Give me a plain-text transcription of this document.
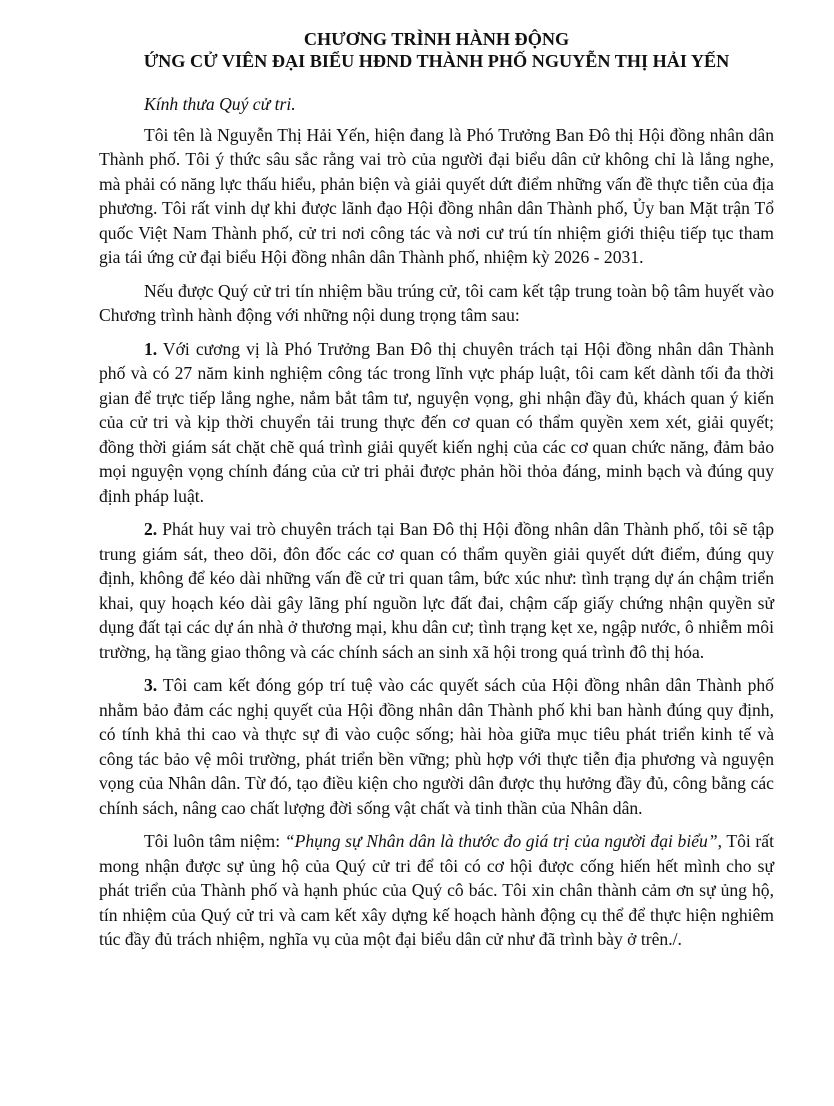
CHƯƠNG TRÌNH HÀNH ĐỘNG
ỨNG CỬ VIÊN ĐẠI BIỂU HĐND THÀNH PHỐ NGUYỄN THỊ HẢI YẾN

Kính thưa Quý cử tri.

Tôi tên là Nguyễn Thị Hải Yến, hiện đang là Phó Trưởng Ban Đô thị Hội đồng nhân dân Thành phố. Tôi ý thức sâu sắc rằng vai trò của người đại biểu dân cử không chỉ là lắng nghe, mà phải có năng lực thấu hiểu, phản biện và giải quyết dứt điểm những vấn đề thực tiễn của địa phương. Tôi rất vinh dự khi được lãnh đạo Hội đồng nhân dân Thành phố, Ủy ban Mặt trận Tổ quốc Việt Nam Thành phố, cử tri nơi công tác và nơi cư trú tín nhiệm giới thiệu tiếp tục tham gia tái ứng cử đại biểu Hội đồng nhân dân Thành phố, nhiệm kỳ 2026 - 2031.

Nếu được Quý cử tri tín nhiệm bầu trúng cử, tôi cam kết tập trung toàn bộ tâm huyết vào Chương trình hành động với những nội dung trọng tâm sau:

1. Với cương vị là Phó Trưởng Ban Đô thị chuyên trách tại Hội đồng nhân dân Thành phố và có 27 năm kinh nghiệm công tác trong lĩnh vực pháp luật, tôi cam kết dành tối đa thời gian để trực tiếp lắng nghe, nắm bắt tâm tư, nguyện vọng, ghi nhận đầy đủ, khách quan ý kiến của cử tri và kịp thời chuyển tải trung thực đến cơ quan có thẩm quyền xem xét, giải quyết; đồng thời giám sát chặt chẽ quá trình giải quyết kiến nghị của các cơ quan chức năng, đảm bảo mọi nguyện vọng chính đáng của cử tri phải được phản hồi thỏa đáng, minh bạch và đúng quy định pháp luật.

2. Phát huy vai trò chuyên trách tại Ban Đô thị Hội đồng nhân dân Thành phố, tôi sẽ tập trung giám sát, theo dõi, đôn đốc các cơ quan có thẩm quyền giải quyết dứt điểm, đúng quy định, không để kéo dài những vấn đề cử tri quan tâm, bức xúc như: tình trạng dự án chậm triển khai, quy hoạch kéo dài gây lãng phí nguồn lực đất đai, chậm cấp giấy chứng nhận quyền sử dụng đất tại các dự án nhà ở thương mại, khu dân cư; tình trạng kẹt xe, ngập nước, ô nhiễm môi trường, hạ tầng giao thông và các chính sách an sinh xã hội trong quá trình đô thị hóa.

3. Tôi cam kết đóng góp trí tuệ vào các quyết sách của Hội đồng nhân dân Thành phố nhằm bảo đảm các nghị quyết của Hội đồng nhân dân Thành phố khi ban hành đúng quy định, có tính khả thi cao và thực sự đi vào cuộc sống; hài hòa giữa mục tiêu phát triển kinh tế và công tác bảo vệ môi trường, phát triển bền vững; phù hợp với thực tiễn địa phương và nguyện vọng của Nhân dân. Từ đó, tạo điều kiện cho người dân được thụ hưởng đầy đủ, công bằng các chính sách, nâng cao chất lượng đời sống vật chất và tinh thần của Nhân dân.

Tôi luôn tâm niệm: “Phụng sự Nhân dân là thước đo giá trị của người đại biểu”, Tôi rất mong nhận được sự ủng hộ của Quý cử tri để tôi có cơ hội được cống hiến hết mình cho sự phát triển của Thành phố và hạnh phúc của Quý cô bác. Tôi xin chân thành cảm ơn sự ủng hộ, tín nhiệm của Quý cử tri và cam kết xây dựng kế hoạch hành động cụ thể để thực hiện nghiêm túc đầy đủ trách nhiệm, nghĩa vụ của một đại biểu dân cử như đã trình bày ở trên./.
